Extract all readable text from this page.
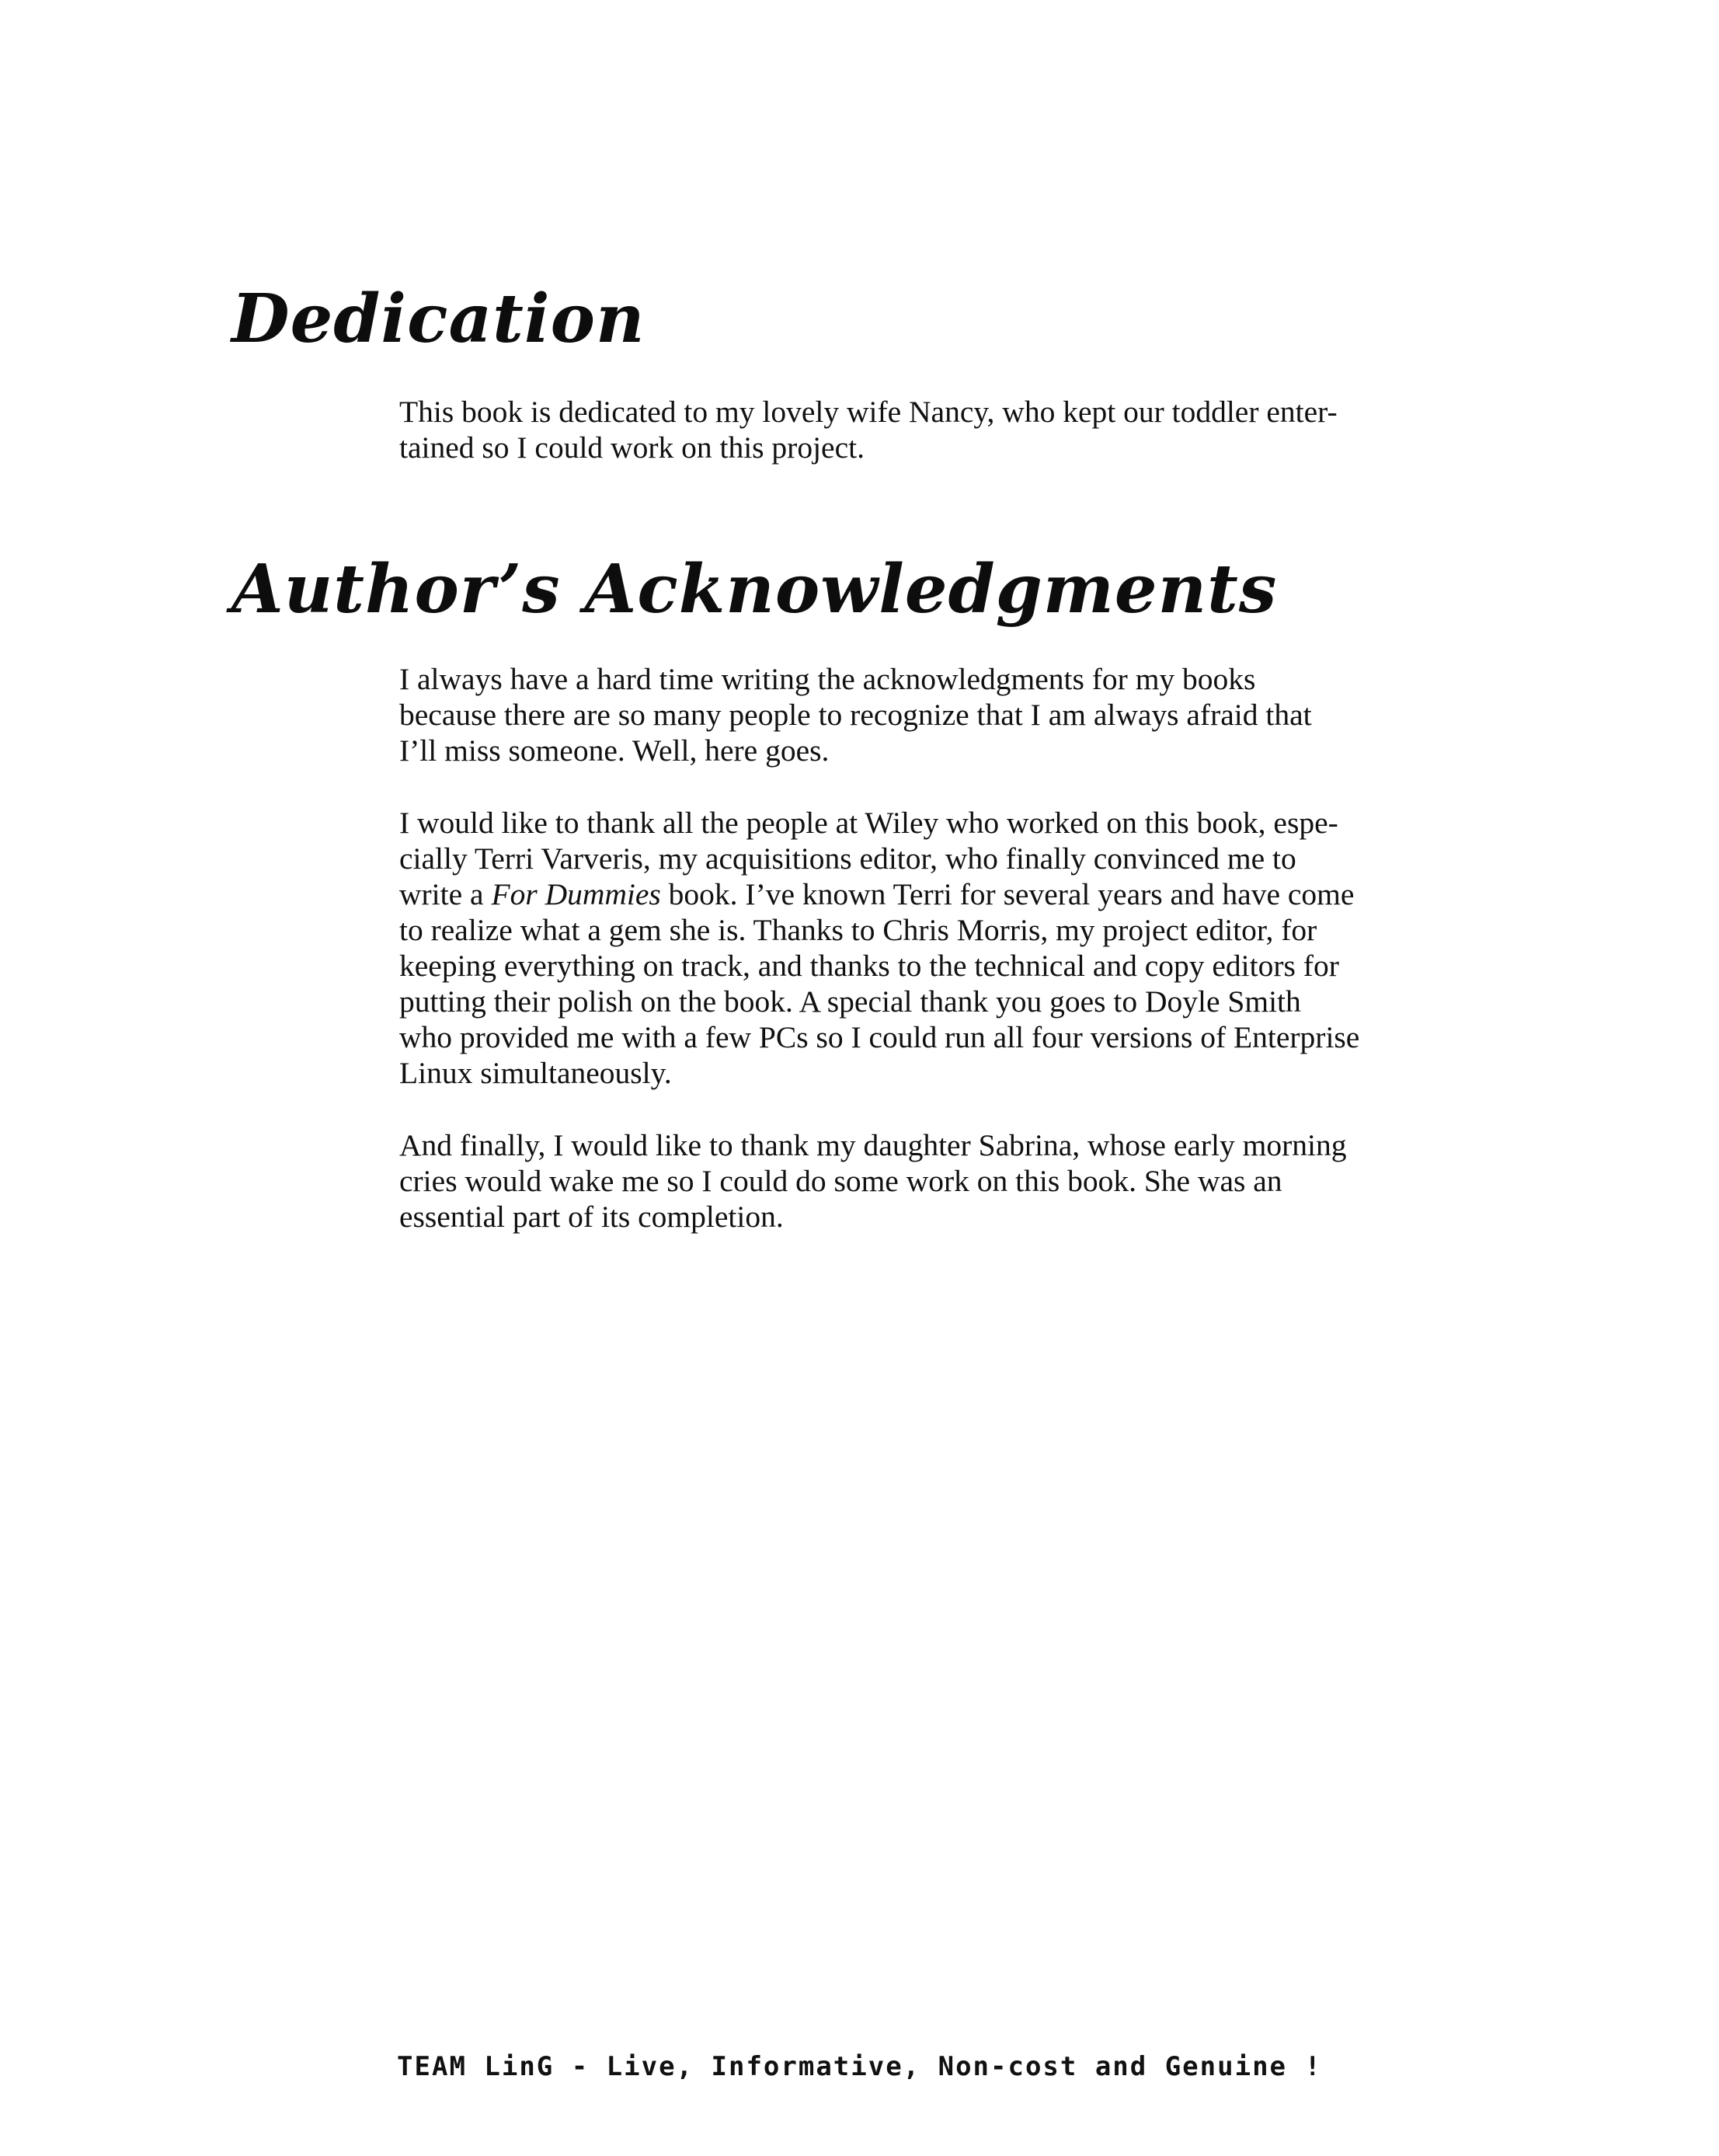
Dedication

This book is dedicated to my lovely wife Nancy, who kept our toddler enter-
tained so I could work on this project.

Author’s Acknowledgments

I always have a hard time writing the acknowledgments for my books
because there are so many people to recognize that I am always afraid that
I’ll miss someone. Well, here goes.

I would like to thank all the people at Wiley who worked on this book, espe-
cially Terri Varveris, my acquisitions editor, who finally convinced me to
write a For Dummies book. I’ve known Terri for several years and have come
to realize what a gem she is. Thanks to Chris Morris, my project editor, for
keeping everything on track, and thanks to the technical and copy editors for
putting their polish on the book. A special thank you goes to Doyle Smith
who provided me with a few PCs so I could run all four versions of Enterprise
Linux simultaneously.

And finally, I would like to thank my daughter Sabrina, whose early morning
cries would wake me so I could do some work on this book. She was an
essential part of its completion.

TEAM LinG - Live, Informative, Non-cost and Genuine !
